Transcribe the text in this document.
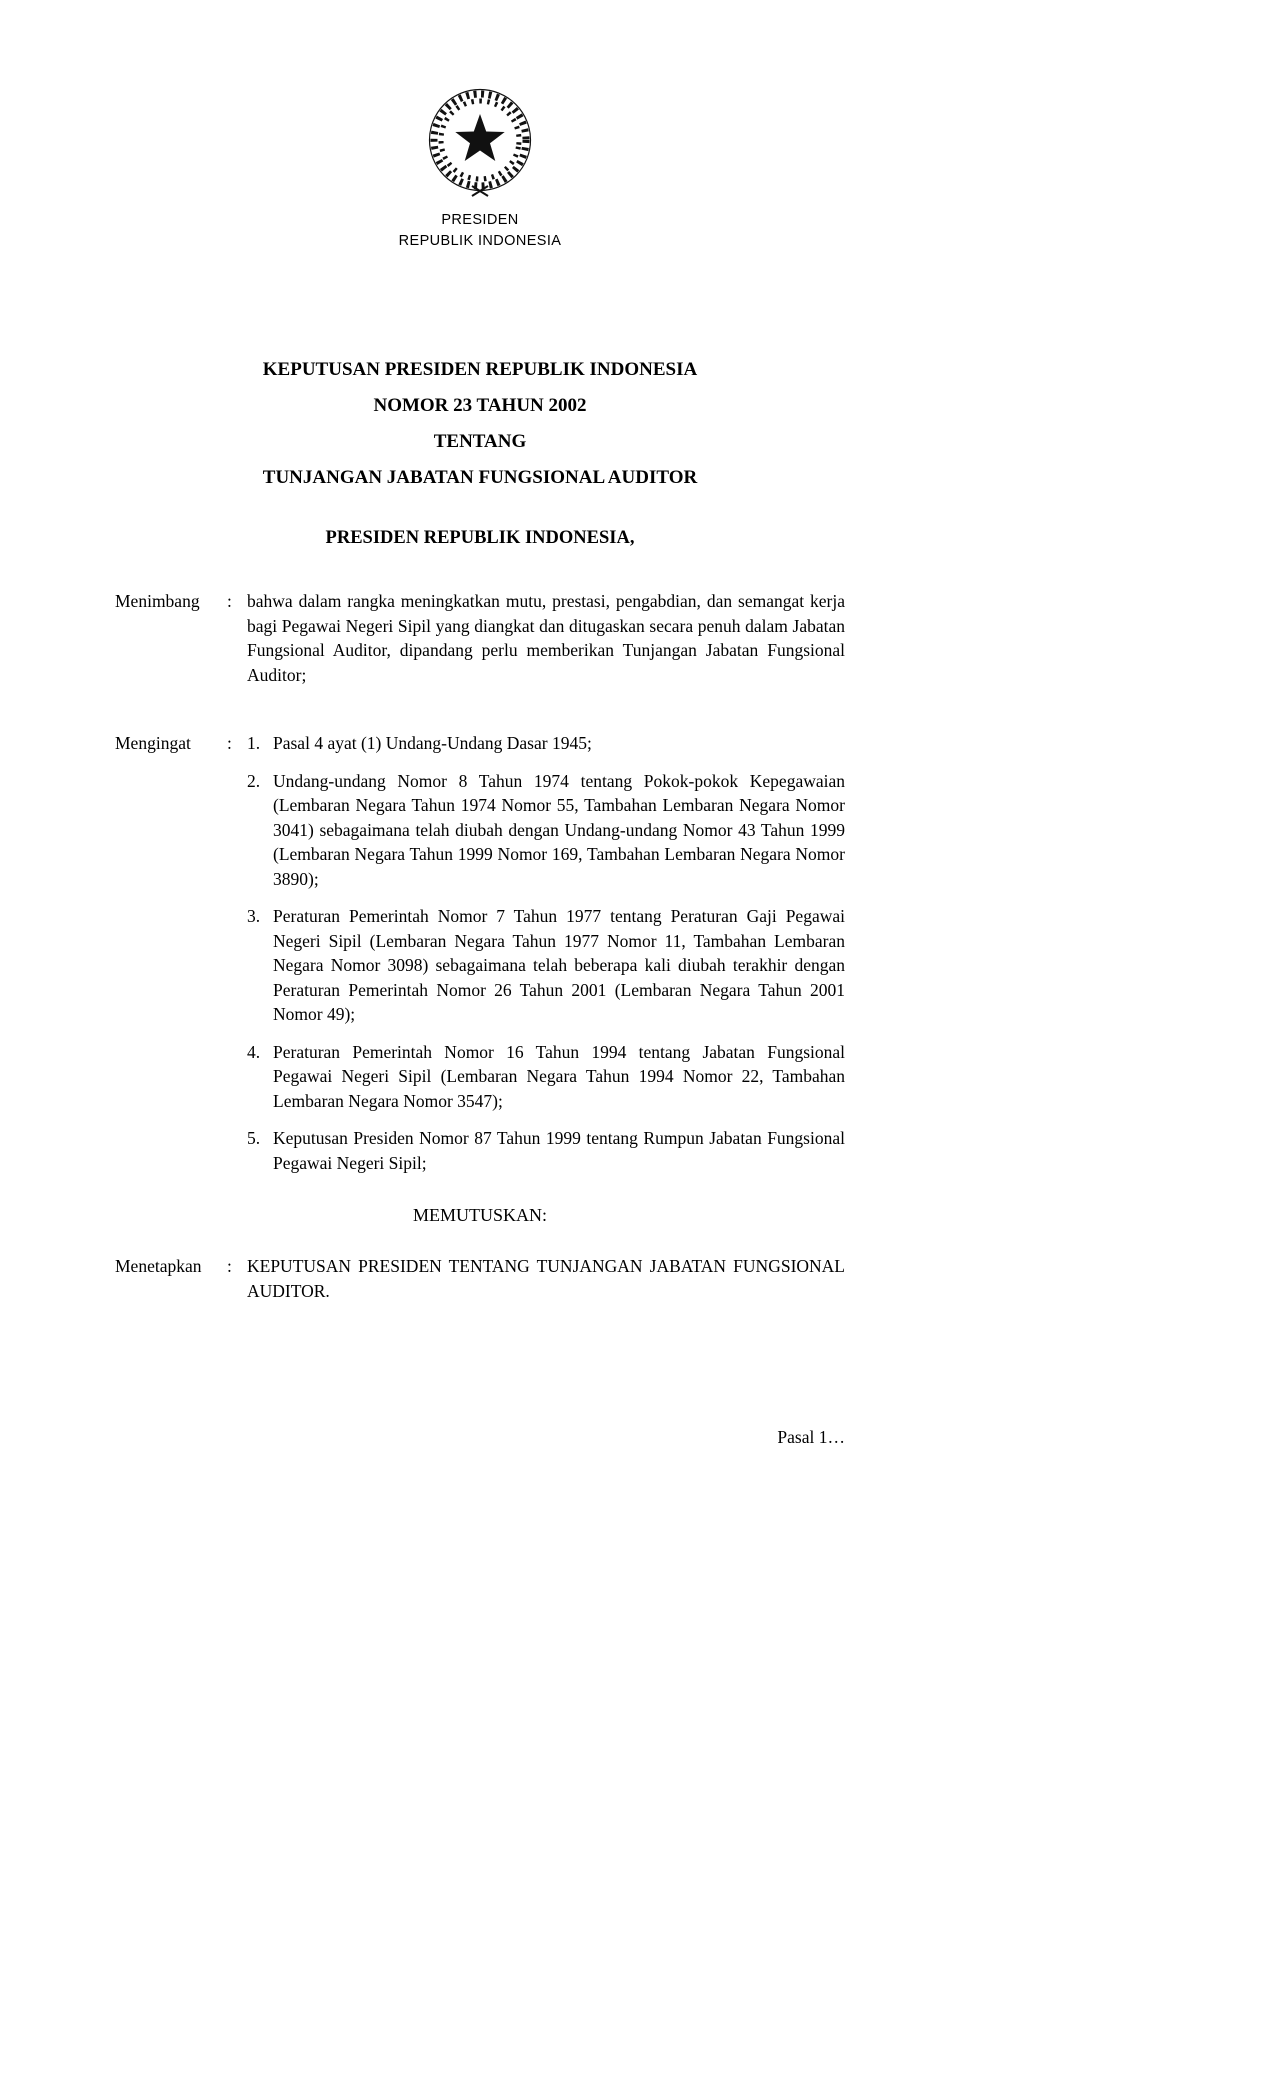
PRESIDEN
REPUBLIK INDONESIA
KEPUTUSAN PRESIDEN REPUBLIK INDONESIA
NOMOR 23 TAHUN 2002
TENTANG
TUNJANGAN JABATAN FUNGSIONAL AUDITOR
PRESIDEN REPUBLIK INDONESIA,
Menimbang	: bahwa dalam rangka meningkatkan mutu, prestasi, pengabdian, dan semangat kerja bagi Pegawai Negeri Sipil yang diangkat dan ditugaskan secara penuh dalam Jabatan Fungsional Auditor, dipandang perlu memberikan Tunjangan Jabatan Fungsional Auditor;
Mengingat	: 1. Pasal 4 ayat (1) Undang-Undang Dasar 1945;
2. Undang-undang Nomor 8 Tahun 1974 tentang Pokok-pokok Kepegawaian (Lembaran Negara Tahun 1974 Nomor 55, Tambahan Lembaran Negara Nomor 3041) sebagaimana telah diubah dengan Undang-undang Nomor 43 Tahun 1999 (Lembaran Negara Tahun 1999 Nomor 169, Tambahan Lembaran Negara Nomor 3890);
3. Peraturan Pemerintah Nomor 7 Tahun 1977 tentang Peraturan Gaji Pegawai Negeri Sipil (Lembaran Negara Tahun 1977 Nomor 11, Tambahan Lembaran Negara Nomor 3098) sebagaimana telah beberapa kali diubah terakhir dengan Peraturan Pemerintah Nomor 26 Tahun 2001 (Lembaran Negara Tahun 2001 Nomor 49);
4. Peraturan Pemerintah Nomor 16 Tahun 1994 tentang Jabatan Fungsional Pegawai Negeri Sipil (Lembaran Negara Tahun 1994 Nomor 22, Tambahan Lembaran Negara Nomor 3547);
5. Keputusan Presiden Nomor 87 Tahun 1999 tentang Rumpun Jabatan Fungsional Pegawai Negeri Sipil;
MEMUTUSKAN:
Menetapkan	: KEPUTUSAN PRESIDEN TENTANG TUNJANGAN JABATAN FUNGSIONAL AUDITOR.
Pasal 1…
